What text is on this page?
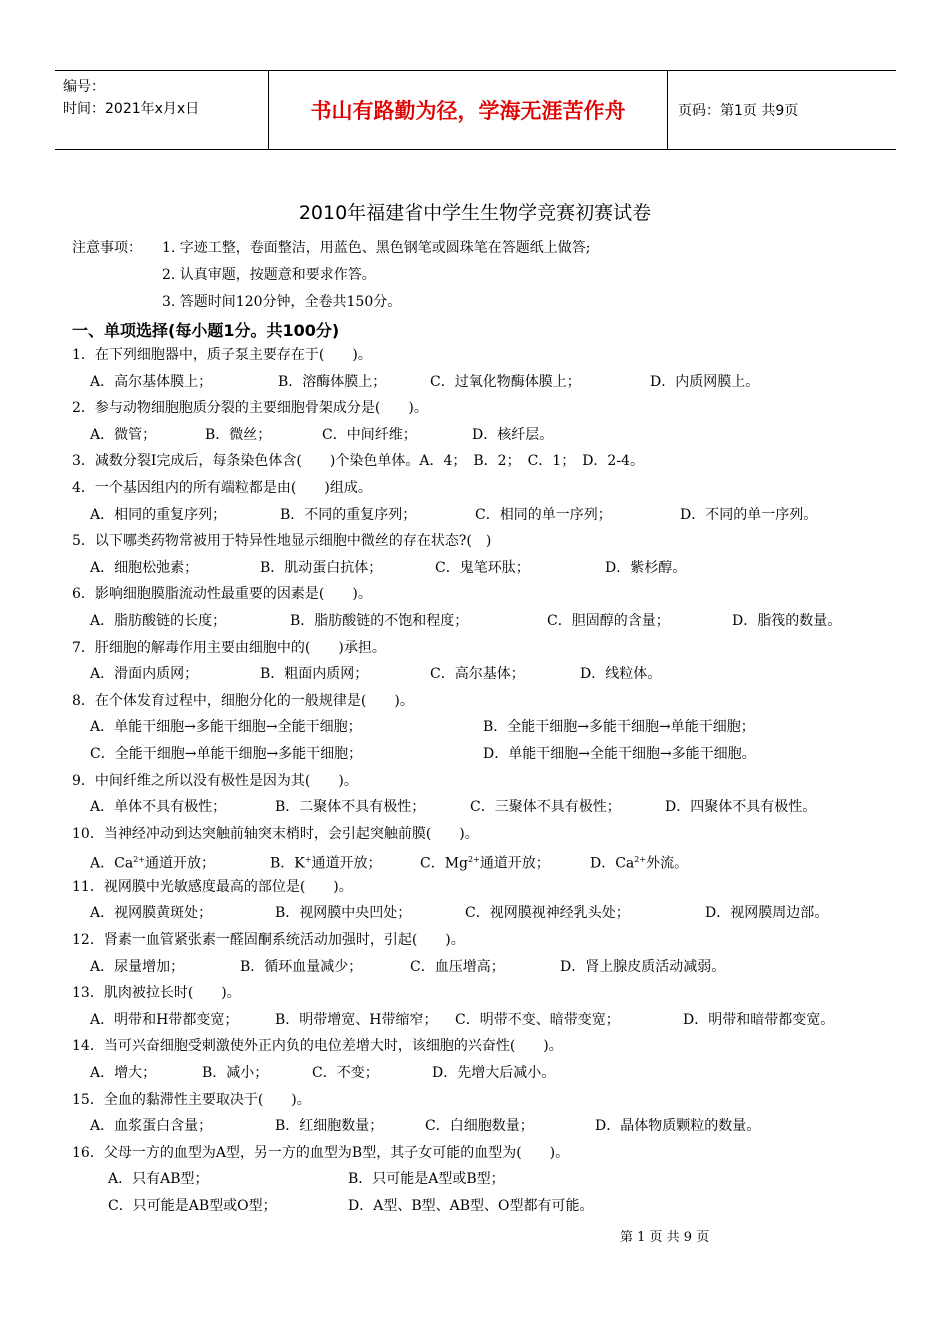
编号：
时间：2021年x月x日	书山有路勤为径，学海无涯苦作舟	页码：第1页 共9页
2010年福建省中学生生物学竞赛初赛试卷
注意事项： 1. 字迹工整，卷面整洁，用蓝色、黑色钢笔或圆珠笔在答题纸上做答;
2. 认真审题，按题意和要求作答。
3. 答题时间120分钟，全卷共150分。
一、单项选择(每小题1分。共100分)
1．在下列细胞器中，质子泵主要存在于(　　)。
A．高尔基体膜上；	B．溶酶体膜上；	C．过氧化物酶体膜上；	D．内质网膜上。
2．参与动物细胞胞质分裂的主要细胞骨架成分是(　　)。
A．微管；	B．微丝；	C．中间纤维；	D．核纤层。
3．减数分裂Ⅰ完成后，每条染色体含(　　)个染色单体。A．4；　B．2；　C．1；　D．2-4。
4．一个基因组内的所有端粒都是由(　　)组成。
A．相同的重复序列；	B．不同的重复序列；	C．相同的单一序列；	D．不同的单一序列。
5．以下哪类药物常被用于特异性地显示细胞中微丝的存在状态?(　)
A．细胞松弛素；	B．肌动蛋白抗体；	C．鬼笔环肽；	D．紫杉醇。
6．影响细胞膜脂流动性最重要的因素是(　　)。
A．脂肪酸链的长度；	B．脂肪酸链的不饱和程度；	C．胆固醇的含量；	D．脂筏的数量。
7．肝细胞的解毒作用主要由细胞中的(　　)承担。
A．滑面内质网；	B．粗面内质网；	C．高尔基体；	D．线粒体。
8．在个体发育过程中，细胞分化的一般规律是(　　)。
A．单能干细胞→多能干细胞→全能干细胞；	B．全能干细胞→多能干细胞→单能干细胞；
C．全能干细胞→单能干细胞→多能干细胞；	D．单能干细胞→全能干细胞→多能干细胞。
9．中间纤维之所以没有极性是因为其(　　)。
A．单体不具有极性；	B．二聚体不具有极性；	C．三聚体不具有极性；	D．四聚体不具有极性。
10．当神经冲动到达突触前轴突末梢时，会引起突触前膜(　　)。
A．$Ca^{2+}$通道开放；	B．K+通道开放；	C．$Mg^{2+}$通道开放；	D．$Ca^{2+}$外流。
11．视网膜中光敏感度最高的部位是(　　)。
A．视网膜黄斑处；	B．视网膜中央凹处；	C．视网膜视神经乳头处；	D．视网膜周边部。
12．肾素一血管紧张素一醛固酮系统活动加强时，引起(　　)。
A．尿量增加；	B．循环血量减少；	C．血压增高；	D．肾上腺皮质活动减弱。
13．肌肉被拉长时(　　)。
A．明带和H带都变宽；	B．明带增宽、H带缩窄；	C．明带不变、暗带变宽；	D．明带和暗带都变宽。
14．当可兴奋细胞受刺激使外正内负的电位差增大时，该细胞的兴奋性(　　)。
A．增大；	B．减小；	C．不变；	D．先增大后减小。
15．全血的黏滞性主要取决于(　　)。
A．血浆蛋白含量；	B．红细胞数量；	C．白细胞数量；	D．晶体物质颗粒的数量。
16．父母一方的血型为A型，另一方的血型为B型，其子女可能的血型为(　　)。
A．只有AB型；	B．只可能是A型或B型；
C．只可能是AB型或O型；	D．A型、B型、AB型、O型都有可能。
第 1 页 共 9 页
